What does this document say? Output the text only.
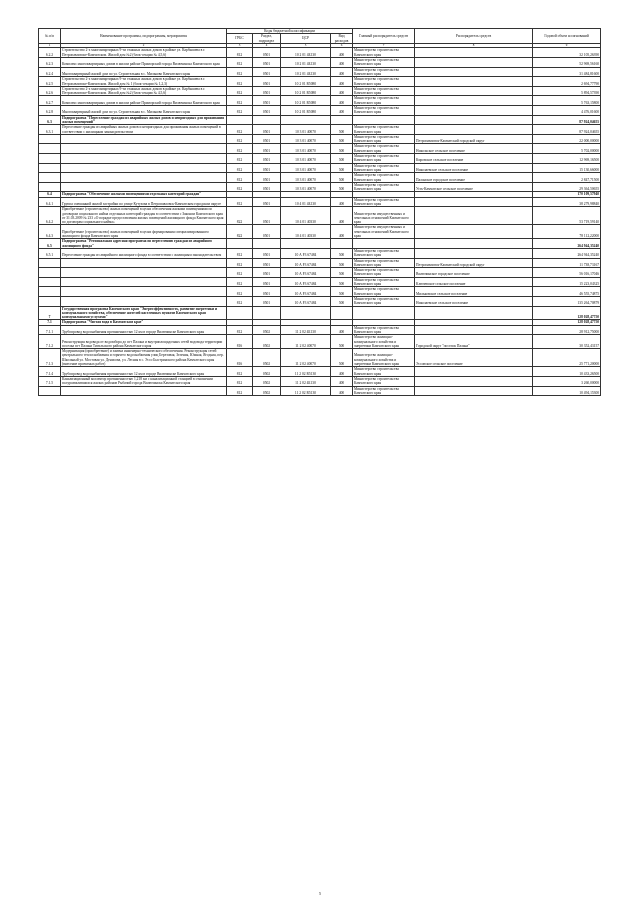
№ п/п	Наименование программы, подпрограммы, мероприятия	Коды бюджетной классификации				Главный распорядитель средств	Распорядитель средств	Годовой объем ассигнований
		ГРБС	Раздел, подраздел	ЦСР	Вид расходов			
1	2	3	4	5	6	7	8	9
6.2.2	Строительство 2-х многоквартирных 9-ти этажных жилых домов в районе ул. Карбышева в г. Петропавловске-Камчатском. Жилой дом №2 (блок-секции № 4,5,6)	812	0501	10 2 01 4Б130	400	Министерство строительства Камчатского края		32 105,26390
6.2.3	Комплекс многоквартирных домов в жилом районе Приморский города Вилючинска Камчатского края	812	0501	10 2 01 4Б130	400	Министерство строительства Камчатского края		52 969,56160
6.2.4	Многоквартирный жилой дом по ул. Строительная в с. Мильково Камчатского края	812	0501	10 2 01 4Б130	400	Министерство строительства Камчатского края		31 484,81600
6.2.5	Строительство 2-х многоквартирных 9-ти этажных жилых домов в районе ул. Карбышева в г. Петропавловске-Камчатском. Жилой дом № 1 (блок-секции № 1,2,3)	812	0501	10 2 01 R5080	400	Министерство строительства Камчатского края		2 694,77790
6.2.6	Строительство 2-х многоквартирных 9-ти этажных жилых домов в районе ул. Карбышева в г. Петропавловске-Камчатском. Жилой дом №2 (блок-секции № 4,5,6)	812	0501	10 2 01 R5080	400	Министерство строительства Камчатского края		5 894,57390
6.2.7	Комплекс многоквартирных домов в жилом районе Приморский города Вилючинска Камчатского края	812	0501	10 2 01 R5080	400	Министерство строительства Камчатского края		5 763,15800
6.2.8	Многоквартирный жилой дом по ул. Строительная в с. Мильково Камчатского края	812	0501	10 2 01 R5080	400	Министерство строительства Камчатского края		4 476,01600
6.3	Подпрограмма "Переселение граждан из аварийных жилых домов и непригодных для проживания жилых помещений"							87 924,04655
6.3.1	Переселение граждан из аварийных жилых домов и непригодных для проживания жилых помещений в соответствии с жилищным законодательством	812	0501	10 3 01 40070	500	Министерство строительства Камчатского края		87 924,04655
		812	0501	10 3 01 40070	500	Министерство строительства Камчатского края	Петропавловск-Камчатский городской округ	22 000,00000
		812	0501	10 3 01 40070	500	Министерство строительства Камчатского края	Никольское сельское поселение	5 702,00000
		812	0501	10 3 01 40070	500	Министерство строительства Камчатского края	Кировское сельское поселение	12 969,16500
		812	0501	10 3 01 40070	500	Министерство строительства Камчатского края	Николаевское сельское поселение	15 130,66000
		812	0501	10 3 01 40070	500	Министерство строительства Камчатского края	Паланское городское поселение	2 847,71500
		812	0501	10 3 01 40070	500	Министерство строительства Камчатского края	Усть-Камчатское сельское поселение	29 364,50655
6.4	Подпрограмма "Обеспечение жилыми помещениями отдельных категорий граждан"							170 109,57940
6.4.1	Группа смешанной жилой застройки по улице Кутузова в Петропавловск-Камчатском городском округе	812	0501	10 4 01 4Б130	400	Министерство строительства Камчатского края		38 279,98840
6.4.2	Приобретение (строительство) жилых помещений в целях обеспечения жилыми помещениями по договорам социального найма отдельных категорий граждан в соответствии с Законом Камчатского края от 31.03.2009 № 233 «О порядке предоставления жилых помещений жилищного фонда Камчатского края по договорам социального найма»	822	0501	10 4 01 40330	400	Министерство имущественных и земельных отношений Камчатского края		53 719,59140
6.4.3	Приобретение (строительство) жилых помещений в целях формирования специализированного жилищного фонда Камчатского края	822	0501	10 4 01 40330	400	Министерство имущественных и земельных отношений Камчатского края		78 112,22000
6.5	Подпрограмма "Региональная адресная программа по переселению граждан из аварийного жилищного фонда"							264 944,35240
6.5.1	Переселение граждан из аварийного жилищного фонда в соответствии с жилищным законодательством	812	0501	10 А F3 67484	500	Министерство строительства Камчатского края		264 944,35240
		812	0501	10 А F3 67484	500	Министерство строительства Камчатского края	Петропавловск-Камчатский городской округ	11 738,73167
		812	0501	10 А F3 67484	500	Министерство строительства Камчатского края	Вилючинское городское поселение	56 016,17046
		812	0501	10 А F3 67484	500	Министерство строительства Камчатского края	Ключевское сельское поселение	15 223,04325
		812	0501	10 А F3 67484	500	Министерство строительства Камчатского края	Мильковское сельское поселение	46 555,74875
		812	0501	10 А F3 67484	500	Министерство строительства Камчатского края	Николаевское сельское поселение	135 264,70879
7	Государственная программа Камчатского края "Энергоэффективность, развитие энергетики и коммунального хозяйства, обеспечение жителей населенных пунктов Камчатского края коммунальными услугами"							128 028,47750
7.1	Подпрограмма "Чистая вода в Камчатском крае"							128 028,47750
7.1.1	Трубопровод водоснабжения протяженностью 12 км в городе Вилючинске Камчатского края	812	0502	11 2 02 4Б130	400	Министерство строительства Камчатского края		28 912,75000
7.1.2	Реконструкция водовода от водозабора до пгт Палана и внутриплощадочных сетей водовода территории поселка пгт Палана Тигильского района Камчатского края	816	0502	11 2 02 40070	500	Министерство жилищно-коммунального хозяйства и энергетики Камчатского края	Городской округ "поселок Палана"	30 352,43157
7.1.3	Модернизация (приобретение) и замена инженерно-технического обеспечения. Реконструкция сетей центрального теплоснабжения и горячего водоснабжения улиц Березовая, Зеленая, Южная, Ягодная, пер. Школьный ул. Мостовая ул. Денисова, ул. Лесная в с. Эссо Быстринского района Камчатского края (внесение проектных работ)	816	0502	11 2 02 40070	500	Министерство жилищно-коммунального хозяйства и энергетики Камчатского края	Эссовское сельское поселение	25 771,20000
7.1.4	Трубопровод водоснабжения протяженностью 12 км в городе Вилючинске Камчатского края	812	0502	11 2 02 R5130	400	Министерство строительства Камчатского края		10 433,26500
7.1.5	Канализационный коллектор протяженностью 1,218 км с канализационной станцией в отношении полуразвалившихся жилых районов Рыбачий города Вилючинска Камчатского края	812	0502	11 2 02 4Б130	400	Министерство строительства Камчатского края		3 260,00000
		812	0502	11 2 02 R5130	400	Министерство строительства Камчатского края		10 494,15300
5
